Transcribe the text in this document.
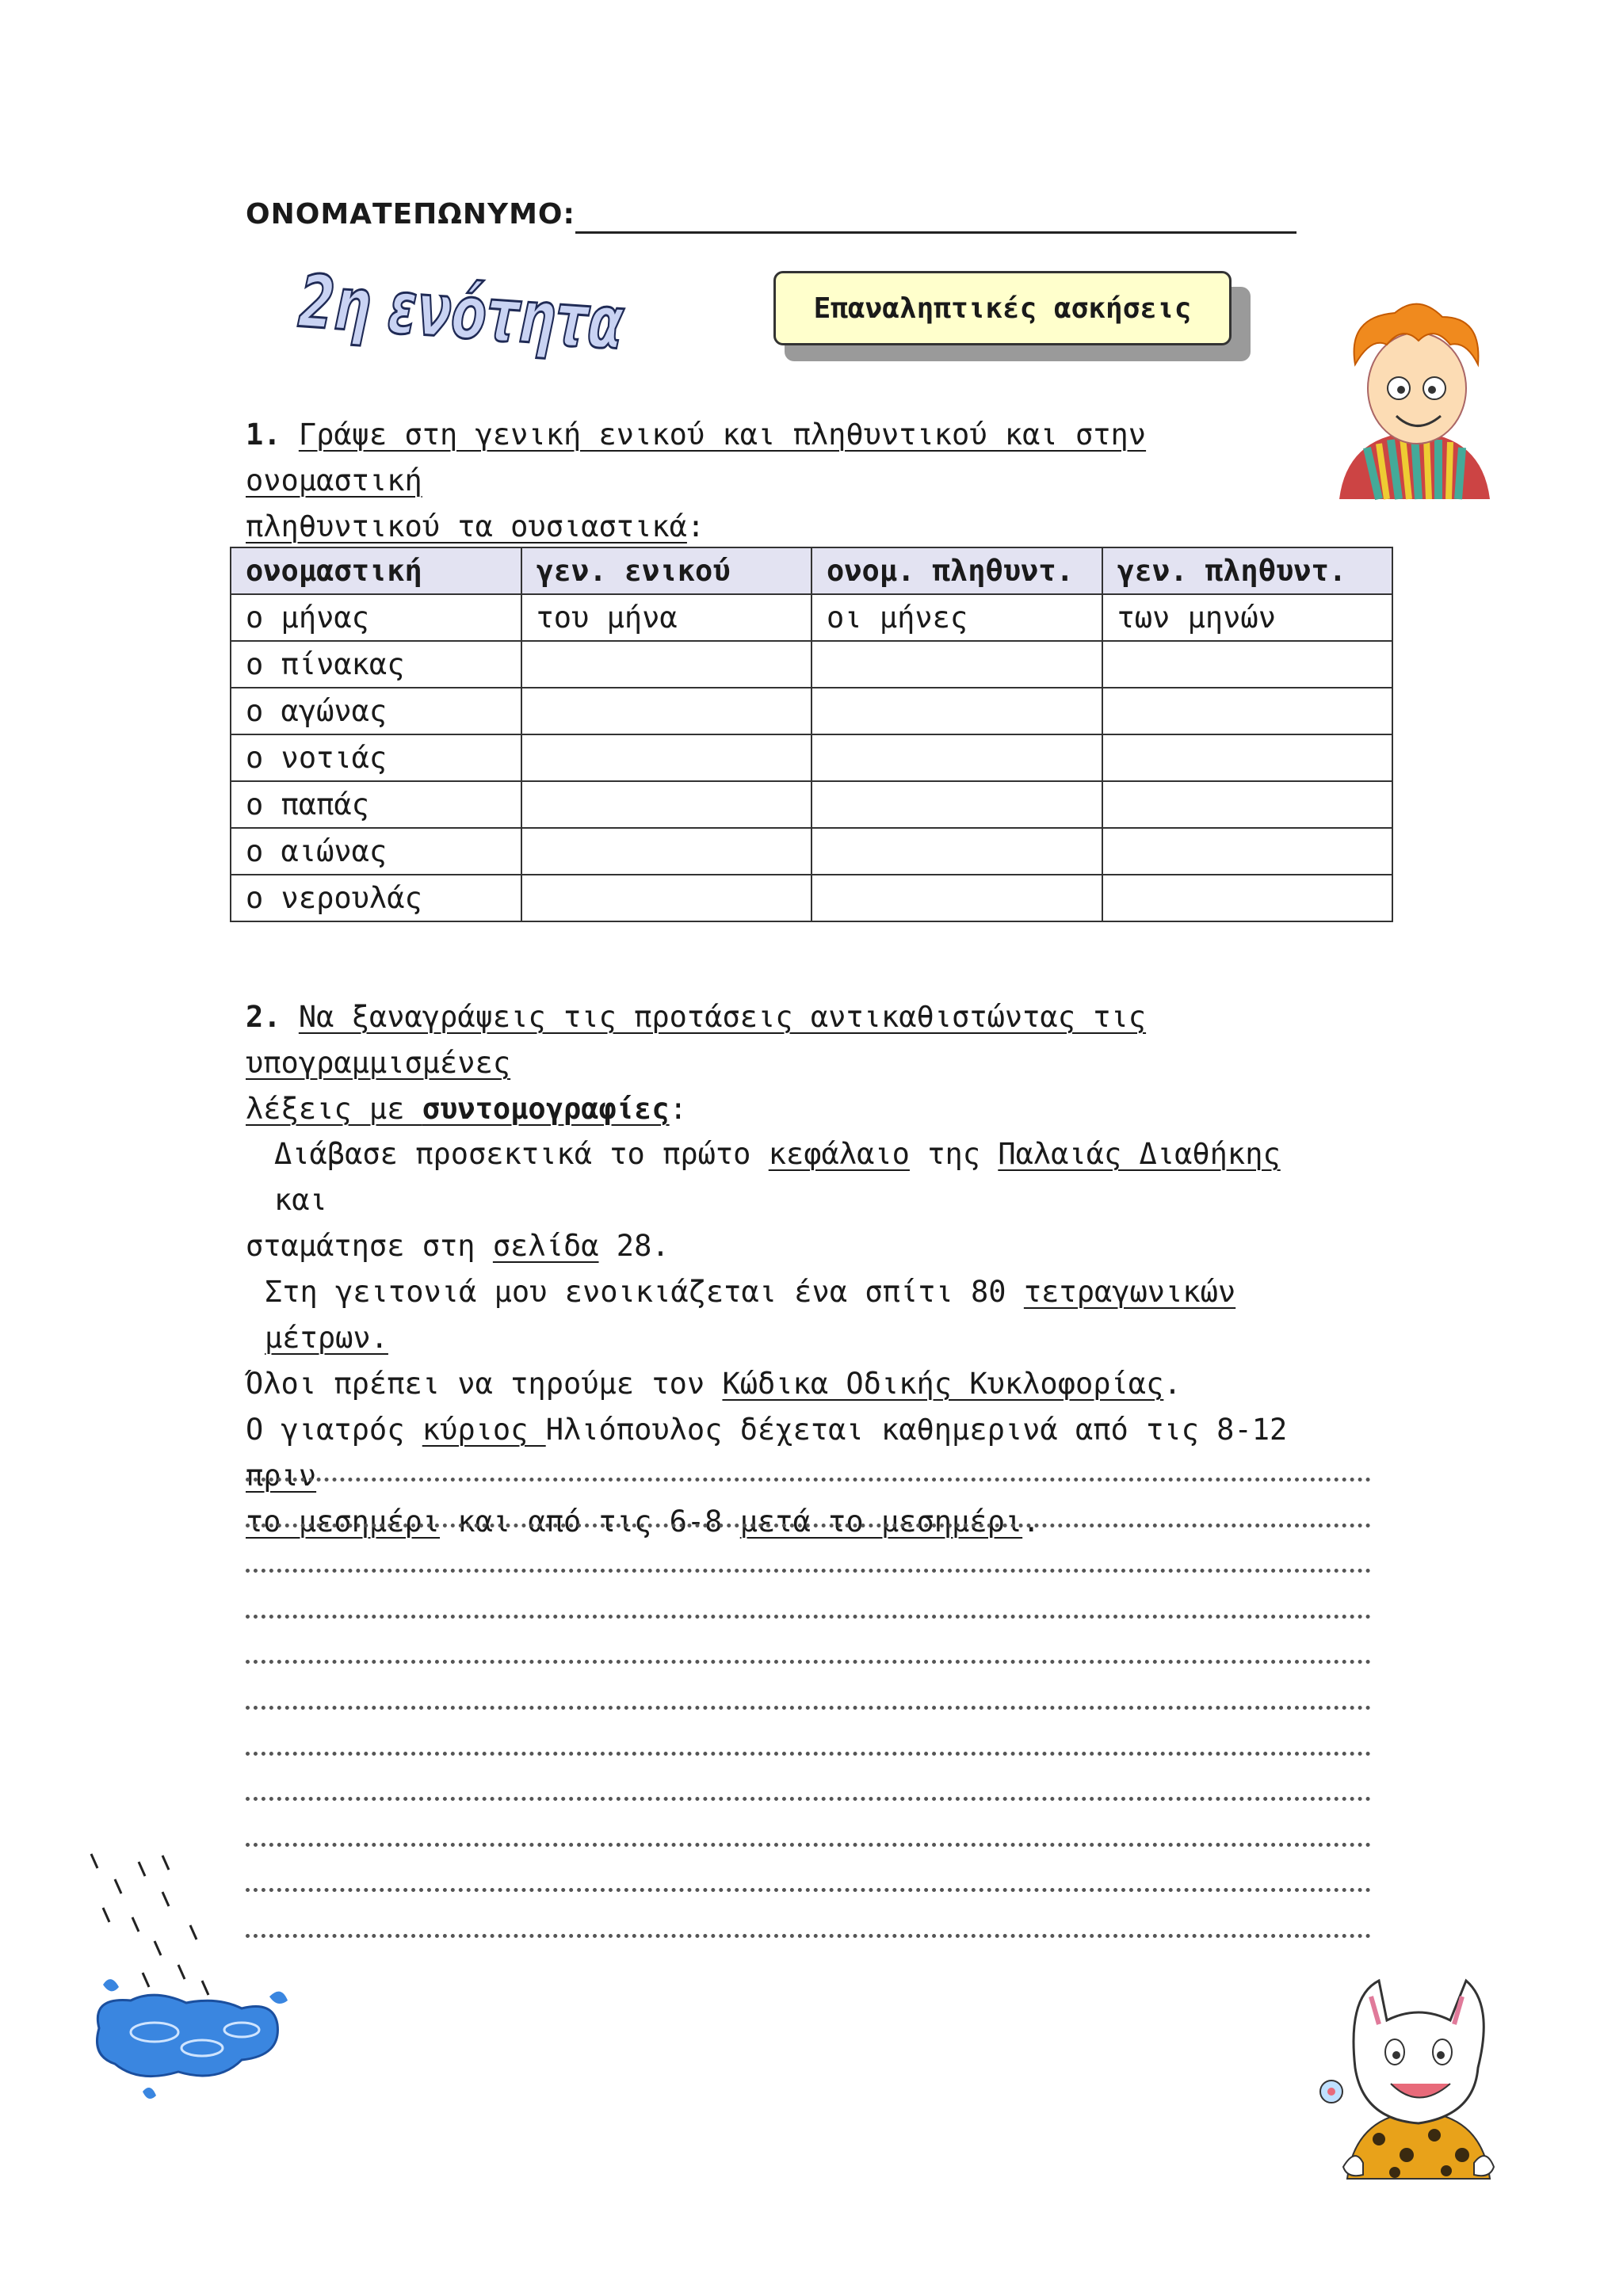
ΟΝΟΜΑΤΕΠΩΝΥΜΟ:
2η ενότητα	Επαναληπτικές ασκήσεις
1. Γράψε στη γενική ενικού και πληθυντικού και στην ονομαστική
πληθυντικού τα ουσιαστικά:
ονομαστική	γεν. ενικού	ονομ. πληθυντ.	γεν. πληθυντ.
ο μήνας	του μήνα	οι μήνες	των μηνών
ο πίνακας			
ο αγώνας			
ο νοτιάς			
ο παπάς			
ο αιώνας			
ο νερουλάς			
2. Να ξαναγράψεις τις προτάσεις αντικαθιστώντας τις υπογραμμισμένες
λέξεις με συντομογραφίες:
Διάβασε προσεκτικά το πρώτο κεφάλαιο της Παλαιάς Διαθήκης και
σταμάτησε στη σελίδα 28.
Στη γειτονιά μου ενοικιάζεται ένα σπίτι 80 τετραγωνικών μέτρων.
Όλοι πρέπει να τηρούμε τον Κώδικα Οδικής Κυκλοφορίας.
Ο γιατρός κύριος Ηλιόπουλος δέχεται καθημερινά από τις 8-12 πριν
το μεσημέρι και από τις 6-8 μετά το μεσημέρι.
